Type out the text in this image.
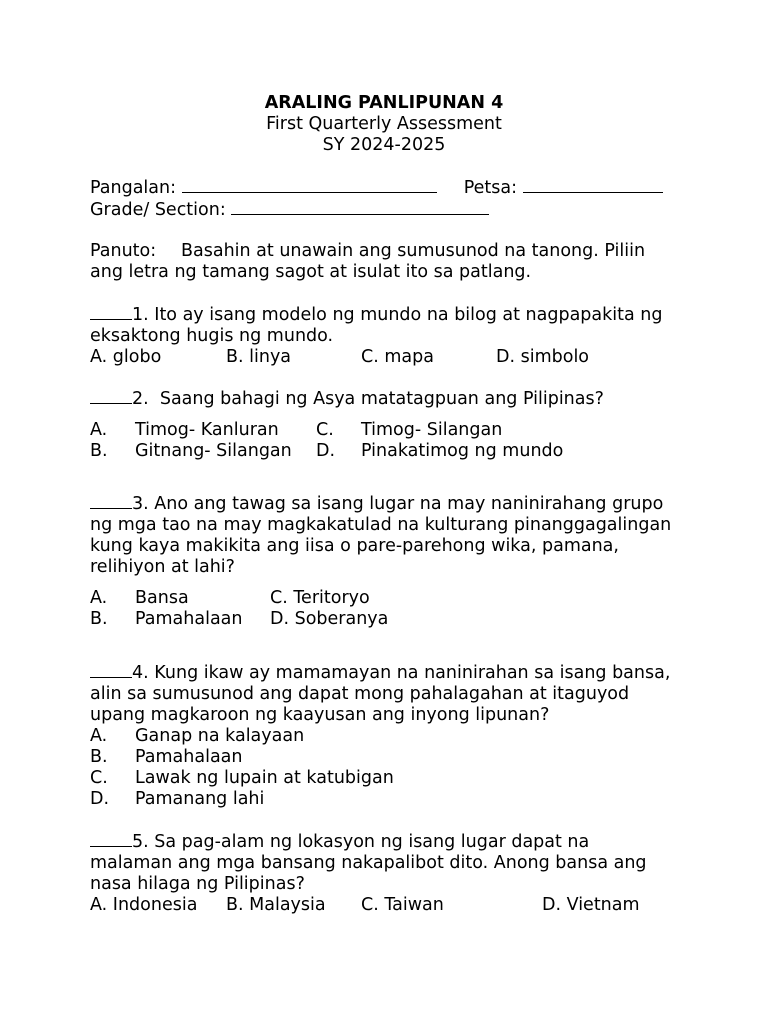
ARALING PANLIPUNAN 4
First Quarterly Assessment
SY 2024-2025
Pangalan:	Petsa:
Grade/ Section:
Panuto: Basahin at unawain ang sumusunod na tanong. Piliin
ang letra ng tamang sagot at isulat ito sa patlang.
1. Ito ay isang modelo ng mundo na bilog at nagpapakita ng
eksaktong hugis ng mundo.
A. globo	B. linya	C. mapa	D. simbolo
2. Saang bahagi ng Asya matatagpuan ang Pilipinas?
A. Timog- Kanluran C. Timog- Silangan
B. Gitnang- Silangan D. Pinakatimog ng mundo
3. Ano ang tawag sa isang lugar na may naninirahang grupo
ng mga tao na may magkakatulad na kulturang pinanggagalingan
kung kaya makikita ang iisa o pare-parehong wika, pamana,
relihiyon at lahi?
A. Bansa	C. Teritoryo
B. Pamahalaan D. Soberanya
4. Kung ikaw ay mamamayan na naninirahan sa isang bansa,
alin sa sumusunod ang dapat mong pahalagahan at itaguyod
upang magkaroon ng kaayusan ang inyong lipunan?
A. Ganap na kalayaan
B. Pamahalaan
C. Lawak ng lupain at katubigan
D. Pamanang lahi
5. Sa pag-alam ng lokasyon ng isang lugar dapat na
malaman ang mga bansang nakapalibot dito. Anong bansa ang
nasa hilaga ng Pilipinas?
A. Indonesia B. Malaysia C. Taiwan	D. Vietnam
